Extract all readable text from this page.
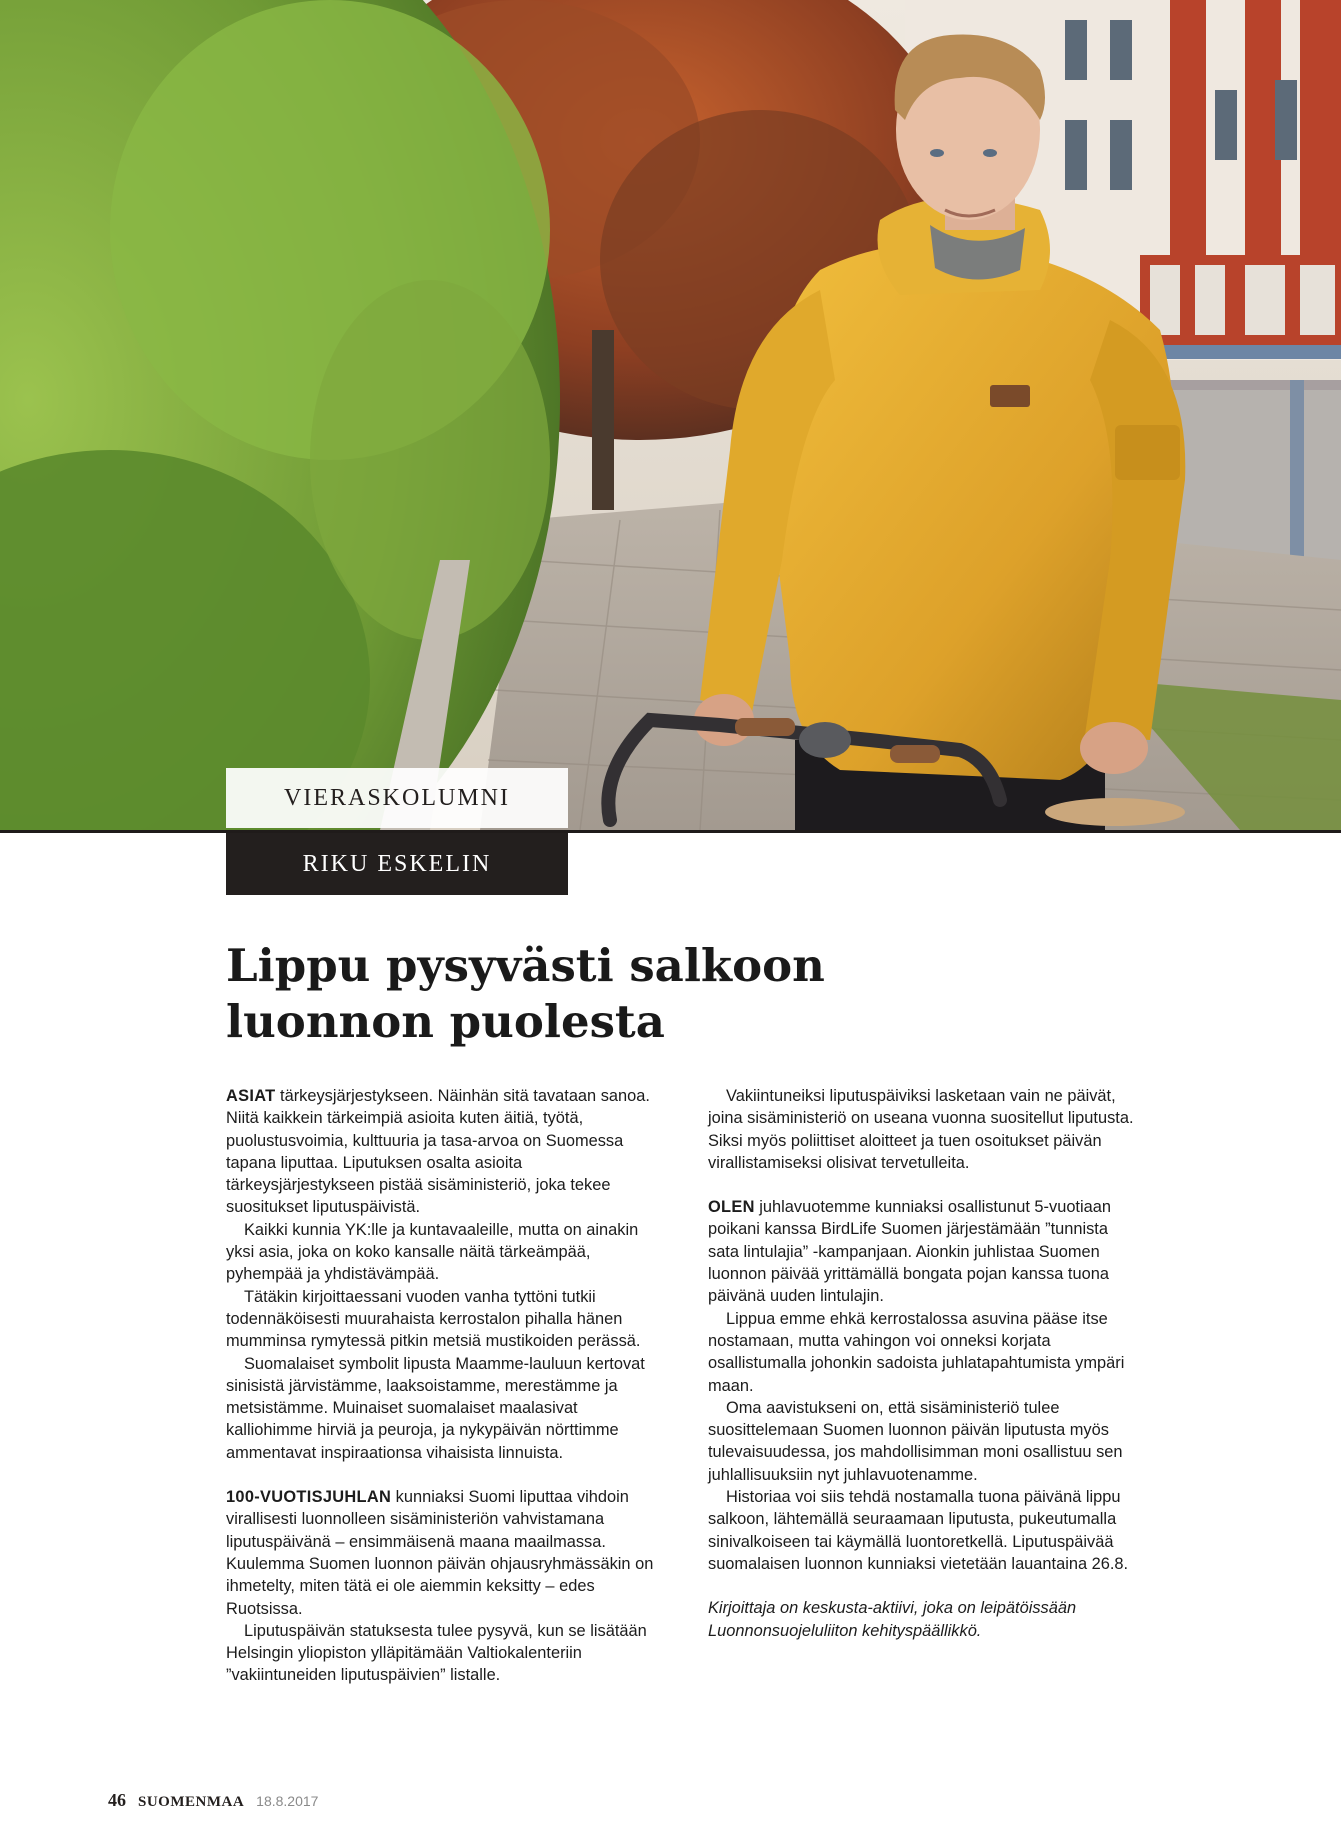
VIERASKOLUMNI
RIKU ESKELIN
Lippu pysyvästi salkoon
luonnon puolesta

ASIAT tärkeysjärjestykseen. Näinhän sitä tavataan sanoa. Niitä kaikkein tärkeimpiä asioita kuten äitiä, työtä, puolustusvoimia, kulttuuria ja tasa-arvoa on Suomessa tapana liputtaa. Liputuksen osalta asioita tärkeysjärjestykseen pistää sisäministeriö, joka tekee suositukset liputuspäivistä.

Kaikki kunnia YK:lle ja kuntavaaleille, mutta on ainakin yksi asia, joka on koko kansalle näitä tärkeämpää, pyhempää ja yhdistävämpää.

Tätäkin kirjoittaessani vuoden vanha tyttöni tutkii todennäköisesti muurahaista kerrostalon pihalla hänen mumminsa rymytessä pitkin metsiä mustikoiden perässä.

Suomalaiset symbolit lipusta Maamme-lauluun kertovat sinisistä järvistämme, laaksoistamme, merestämme ja metsistämme. Muinaiset suomalaiset maalasivat kalliohimme hirviä ja peuroja, ja nykypäivän nörttimme ammentavat inspiraationsa vihaisista linnuista.

100-VUOTISJUHLAN kunniaksi Suomi liputtaa vihdoin virallisesti luonnolleen sisäministeriön vahvistamana liputuspäivänä – ensimmäisenä maana maailmassa. Kuulemma Suomen luonnon päivän ohjausryhmässäkin on ihmetelty, miten tätä ei ole aiemmin keksitty – edes Ruotsissa.

Liputuspäivän statuksesta tulee pysyvä, kun se lisätään Helsingin yliopiston ylläpitämään Valtiokalenteriin ”vakiintuneiden liputuspäivien” listalle.

Vakiintuneiksi liputuspäiviksi lasketaan vain ne päivät, joina sisäministeriö on useana vuonna suositellut liputusta. Siksi myös poliittiset aloitteet ja tuen osoitukset päivän virallistamiseksi olisivat tervetulleita.

OLEN juhlavuotemme kunniaksi osallistunut 5-vuotiaan poikani kanssa BirdLife Suomen järjestämään ”tunnista sata lintulajia” -kampanjaan. Aionkin juhlistaa Suomen luonnon päivää yrittämällä bongata pojan kanssa tuona päivänä uuden lintulajin.

Lippua emme ehkä kerrostalossa asuvina pääse itse nostamaan, mutta vahingon voi onneksi korjata osallistumalla johonkin sadoista juhlatapahtumista ympäri maan.

Oma aavistukseni on, että sisäministeriö tulee suosittelemaan Suomen luonnon päivän liputusta myös tulevaisuudessa, jos mahdollisimman moni osallistuu sen juhlallisuuksiin nyt juhlavuotenamme.

Historiaa voi siis tehdä nostamalla tuona päivänä lippu salkoon, lähtemällä seuraamaan liputusta, pukeutumalla sinivalkoiseen tai käymällä luontoretkellä. Liputuspäivää suomalaisen luonnon kunniaksi vietetään lauantaina 26.8.

Kirjoittaja on keskusta-aktiivi, joka on leipätöissään Luonnonsuojeluliiton kehityspäällikkö.

46 SUOMENMAA 18.8.2017
